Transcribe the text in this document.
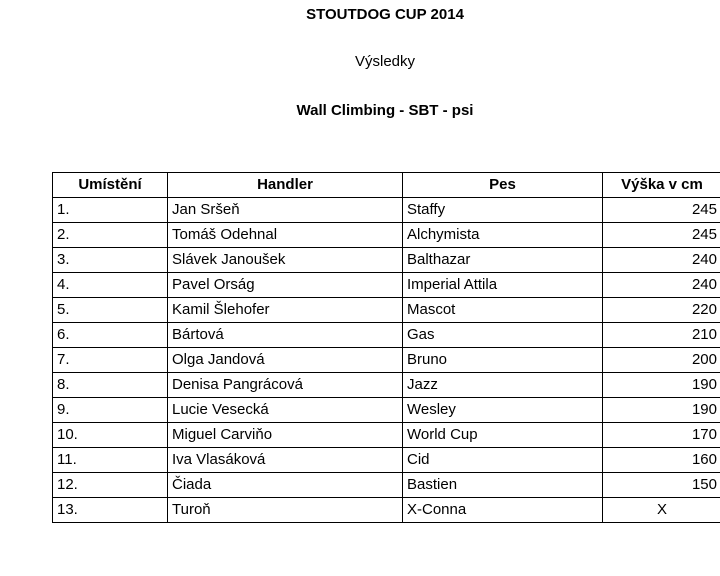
STOUTDOG CUP 2014
Výsledky
Wall Climbing - SBT - psi
Umístění	Handler	Pes	Výška v cm
1.	Jan Sršeň	Staffy	245
2.	Tomáš Odehnal	Alchymista	245
3.	Slávek Janoušek	Balthazar	240
4.	Pavel Orság	Imperial Attila	240
5.	Kamil Šlehofer	Mascot	220
6.	Bártová	Gas	210
7.	Olga Jandová	Bruno	200
8.	Denisa Pangrácová	Jazz	190
9.	Lucie Vesecká	Wesley	190
10.	Miguel Carviňo	World Cup	170
11.	Iva Vlasáková	Cid	160
12.	Čiada	Bastien	150
13.	Turoň	X-Conna	X
